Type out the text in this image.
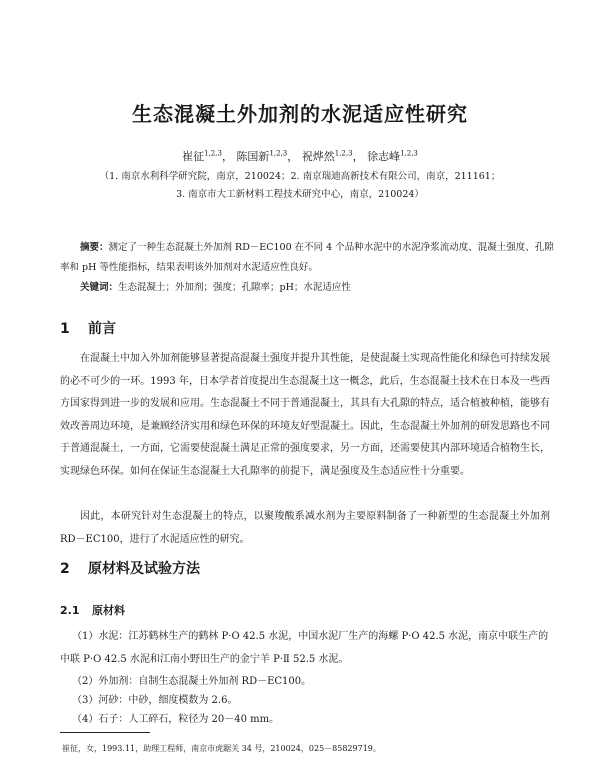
生态混凝土外加剂的水泥适应性研究
崔征$^{1,2,3}$， 陈国新$^{1,2,3}$， 祝烨然$^{1,2,3}$， 徐志峰$^{1,2,3}$
（1. 南京水利科学研究院，南京，210024；2. 南京瑞迪高新技术有限公司，南京，211161；
3. 南京市大工新材料工程技术研究中心，南京，210024）
摘要：测定了一种生态混凝土外加剂 RD－EC100 在不同 4 个品种水泥中的水泥净浆流动度、混凝土强度、孔隙率和 pH 等性能指标，结果表明该外加剂对水泥适应性良好。
关键词：生态混凝土；外加剂；强度；孔隙率；pH；水泥适应性
1 前言
在混凝土中加入外加剂能够显著提高混凝土强度并提升其性能，是使混凝土实现高性能化和绿色可持续发展的必不可少的一环。1993 年，日本学者首度提出生态混凝土这一概念，此后，生态混凝土技术在日本及一些西方国家得到进一步的发展和应用。生态混凝土不同于普通混凝土，其具有大孔隙的特点，适合植被种植，能够有效改善周边环境，是兼顾经济实用和绿色环保的环境友好型混凝土。因此，生态混凝土外加剂的研发思路也不同于普通混凝土，一方面，它需要使混凝土满足正常的强度要求，另一方面，还需要使其内部环境适合植物生长，实现绿色环保。如何在保证生态混凝土大孔隙率的前提下，满足强度及生态适应性十分重要。
因此，本研究针对生态混凝土的特点，以聚羧酸系减水剂为主要原料制备了一种新型的生态混凝土外加剂 RD－EC100，进行了水泥适应性的研究。
2 原材料及试验方法
2.1 原材料
（1）水泥：江苏鹤林生产的鹤林 P·O 42.5 水泥，中国水泥厂生产的海螺 P·O 42.5 水泥，南京中联生产的中联 P·O 42.5 水泥和江南小野田生产的金宁羊 P·Ⅱ 52.5 水泥。
（2）外加剂：自制生态混凝土外加剂 RD－EC100。
（3）河砂：中砂，细度模数为 2.6。
（4）石子：人工碎石，粒径为 20－40 mm。
崔征，女，1993.11，助理工程师，南京市虎踞关 34 号，210024，025－85829719。
